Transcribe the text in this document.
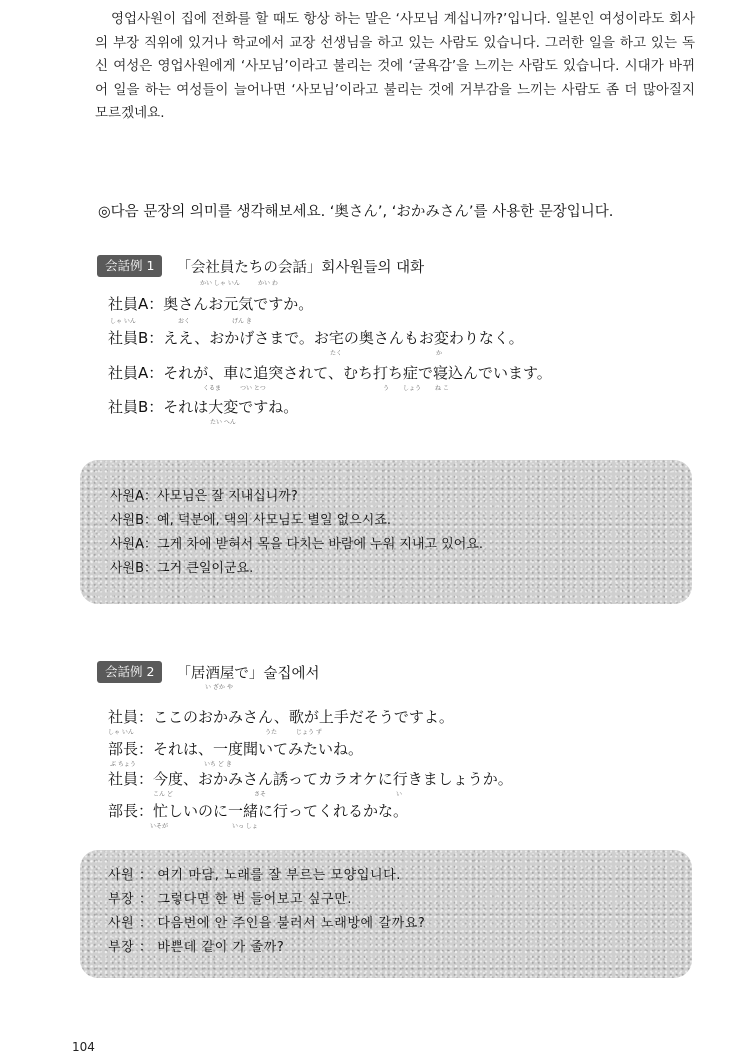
영업사원이 집에 전화를 할 때도 항상 하는 말은 ‘사모님 계십니까?’입니다. 일본인 여성이라도 회사의 부장 직위에 있거나 학교에서 교장 선생님을 하고 있는 사람도 있습니다. 그러한 일을 하고 있는 독신 여성은 영업사원에게 ‘사모님’이라고 불리는 것에 ‘굴욕감’을 느끼는 사람도 있습니다. 시대가 바뀌어 일을 하는 여성들이 늘어나면 ‘사모님’이라고 불리는 것에 거부감을 느끼는 사람도 좀 더 많아질지 모르겠네요.

◎다음 문장의 의미를 생각해보세요. ‘奥さん’, ‘おかみさん’를 사용한 문장입니다.
会話例 1	「会社員たちの会話」회사원들의 대화
かい しゃ いん	かい わ
社員A：奥さんお元気ですか。
しゃ いん	おく	げん き
社員B：ええ、おかげさまで。お宅の奥さんもお変わりなく。
たく	か
社員A：それが、車に追突されて、むち打ち症で寝込んでいます。
くるま	つい とつ	う しょう ね こ
社員B：それは大変ですね。
たい へん
사원A：사모님은 잘 지내십니까?
사원B：예, 덕분에, 댁의 사모님도 별일 없으시죠.
사원A：그게 차에 받혀서 목을 다치는 바람에 누워 지내고 있어요.
사원B：그거 큰일이군요.
会話例 2	「居酒屋で」술집에서
い ざか や
社員：ここのおかみさん、歌が上手だそうですよ。
しゃ いん	うた	じょう ず
部長：それは、一度聞いてみたいね。
ぶ ちょう	いち ど き
社員：今度、おかみさん誘ってカラオケに行きましょうか。
こん ど	さそ	い
部長：忙しいのに一緒に行ってくれるかな。
いそが	いっ しょ
사원 ： 여기 마담, 노래를 잘 부르는 모양입니다.
부장 ： 그렇다면 한 번 들어보고 싶구만.
사원 ： 다음번에 안 주인을 불러서 노래방에 갈까요?
부장 ： 바쁜데 같이 가 줄까?
104
